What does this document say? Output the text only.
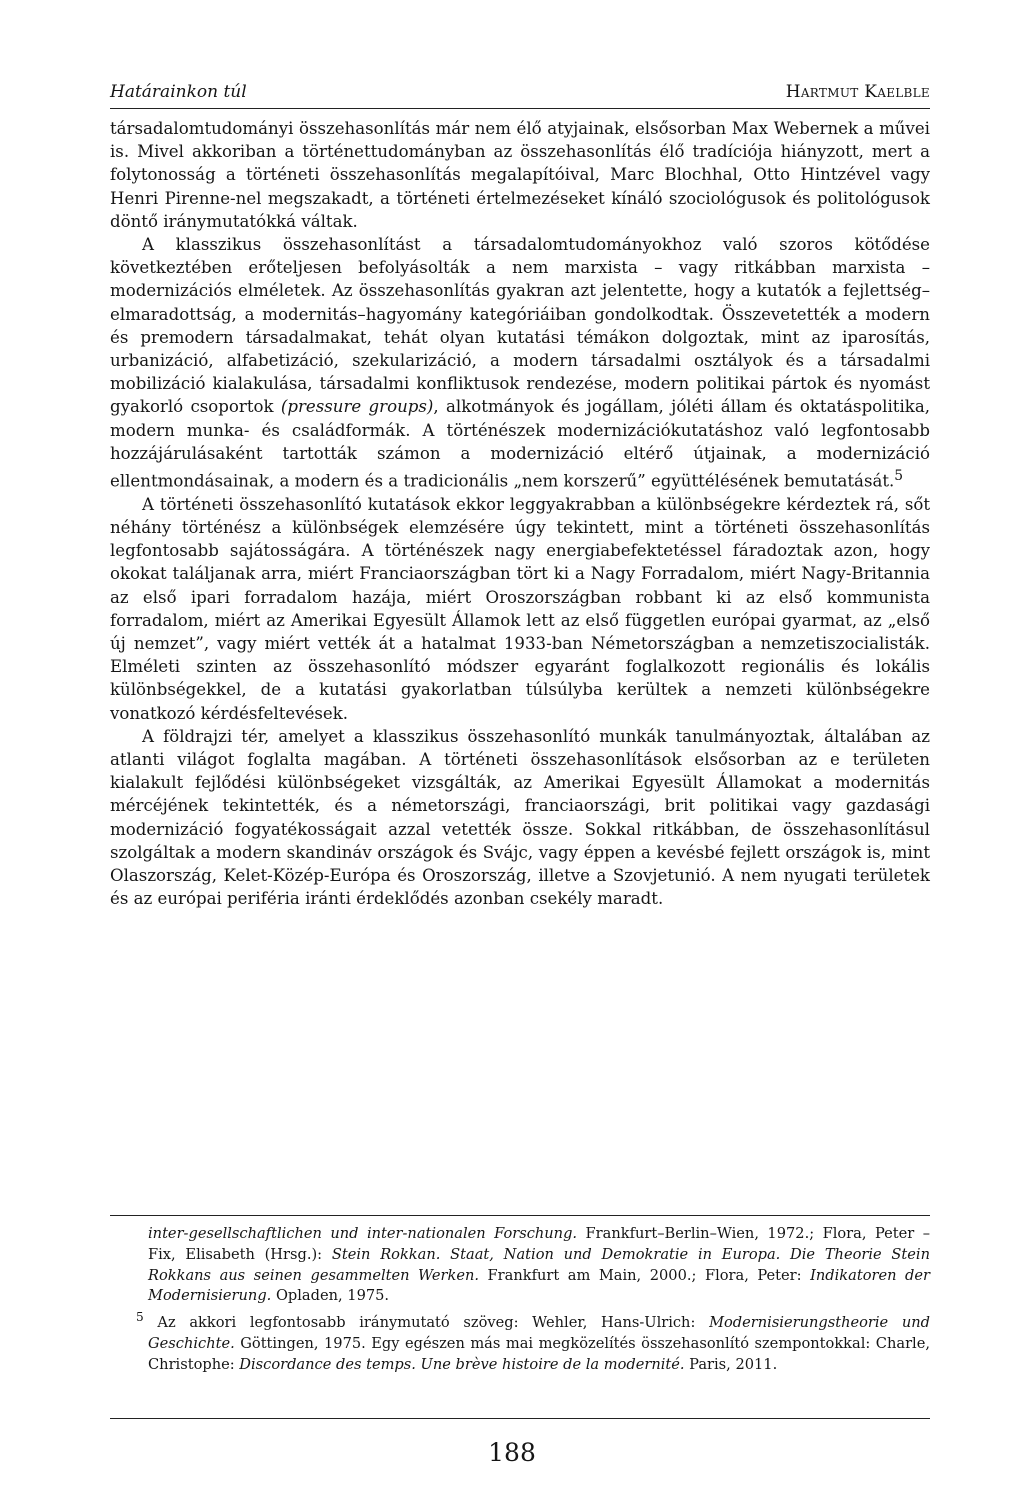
Határainkon túl	Hartmut Kaelble

társadalomtudományi összehasonlítás már nem élő atyjainak, elsősorban Max Webernek a művei is. Mivel akkoriban a történettudományban az összehasonlítás élő tradíciója hiányzott, mert a folytonosság a történeti összehasonlítás megalapítóival, Marc Blochhal, Otto Hintzével vagy Henri Pirenne-nel megszakadt, a történeti értelmezéseket kínáló szociológusok és politológusok döntő iránymutatókká váltak.

A klasszikus összehasonlítást a társadalomtudományokhoz való szoros kötődése következtében erőteljesen befolyásolták a nem marxista – vagy ritkábban marxista – modernizációs elméletek. Az összehasonlítás gyakran azt jelentette, hogy a kutatók a fejlettség–elmaradottság, a modernitás–hagyomány kategóriáiban gondolkodtak. Összevetették a modern és premodern társadalmakat, tehát olyan kutatási témákon dolgoztak, mint az iparosítás, urbanizáció, alfabetizáció, szekularizáció, a modern társadalmi osztályok és a társadalmi mobilizáció kialakulása, társadalmi konfliktusok rendezése, modern politikai pártok és nyomást gyakorló csoportok (pressure groups), alkotmányok és jogállam, jóléti állam és oktatáspolitika, modern munka- és családformák. A történészek modernizációkutatáshoz való legfontosabb hozzájárulásaként tartották számon a modernizáció eltérő útjainak, a modernizáció ellentmondásainak, a modern és a tradicionális „nem korszerű” együttélésének bemutatását.$^5$

A történeti összehasonlító kutatások ekkor leggyakrabban a különbségekre kérdeztek rá, sőt néhány történész a különbségek elemzésére úgy tekintett, mint a történeti összehasonlítás legfontosabb sajátosságára. A történészek nagy energiabefektetéssel fáradoztak azon, hogy okokat találjanak arra, miért Franciaországban tört ki a Nagy Forradalom, miért Nagy-Britannia az első ipari forradalom hazája, miért Oroszországban robbant ki az első kommunista forradalom, miért az Amerikai Egyesült Államok lett az első független európai gyarmat, az „első új nemzet”, vagy miért vették át a hatalmat 1933-ban Németországban a nemzetiszocialisták. Elméleti szinten az összehasonlító módszer egyaránt foglalkozott regionális és lokális különbségekkel, de a kutatási gyakorlatban túlsúlyba kerültek a nemzeti különbségekre vonatkozó kérdésfeltevések.

A földrajzi tér, amelyet a klasszikus összehasonlító munkák tanulmányoztak, általában az atlanti világot foglalta magában. A történeti összehasonlítások elsősorban az e területen kialakult fejlődési különbségeket vizsgálták, az Amerikai Egyesült Államokat a modernitás mércéjének tekintették, és a németországi, franciaországi, brit politikai vagy gazdasági modernizáció fogyatékosságait azzal vetették össze. Sokkal ritkábban, de összehasonlításul szolgáltak a modern skandináv országok és Svájc, vagy éppen a kevésbé fejlett országok is, mint Olaszország, Kelet-Közép-Európa és Oroszország, illetve a Szovjetunió. A nem nyugati területek és az európai periféria iránti érdeklődés azonban csekély maradt.

inter-gesellschaftlichen und inter-nationalen Forschung. Frankfurt–Berlin–Wien, 1972.; Flora, Peter – Fix, Elisabeth (Hrsg.): Stein Rokkan. Staat, Nation und Demokratie in Europa. Die Theorie Stein Rokkans aus seinen gesammelten Werken. Frankfurt am Main, 2000.; Flora, Peter: Indikatoren der Modernisierung. Opladen, 1975.

$^5$ Az akkori legfontosabb iránymutató szöveg: Wehler, Hans-Ulrich: Modernisierungstheorie und Geschichte. Göttingen, 1975. Egy egészen más mai megközelítés összehasonlító szempontokkal: Charle, Christophe: Discordance des temps. Une brève histoire de la modernité. Paris, 2011.

188
